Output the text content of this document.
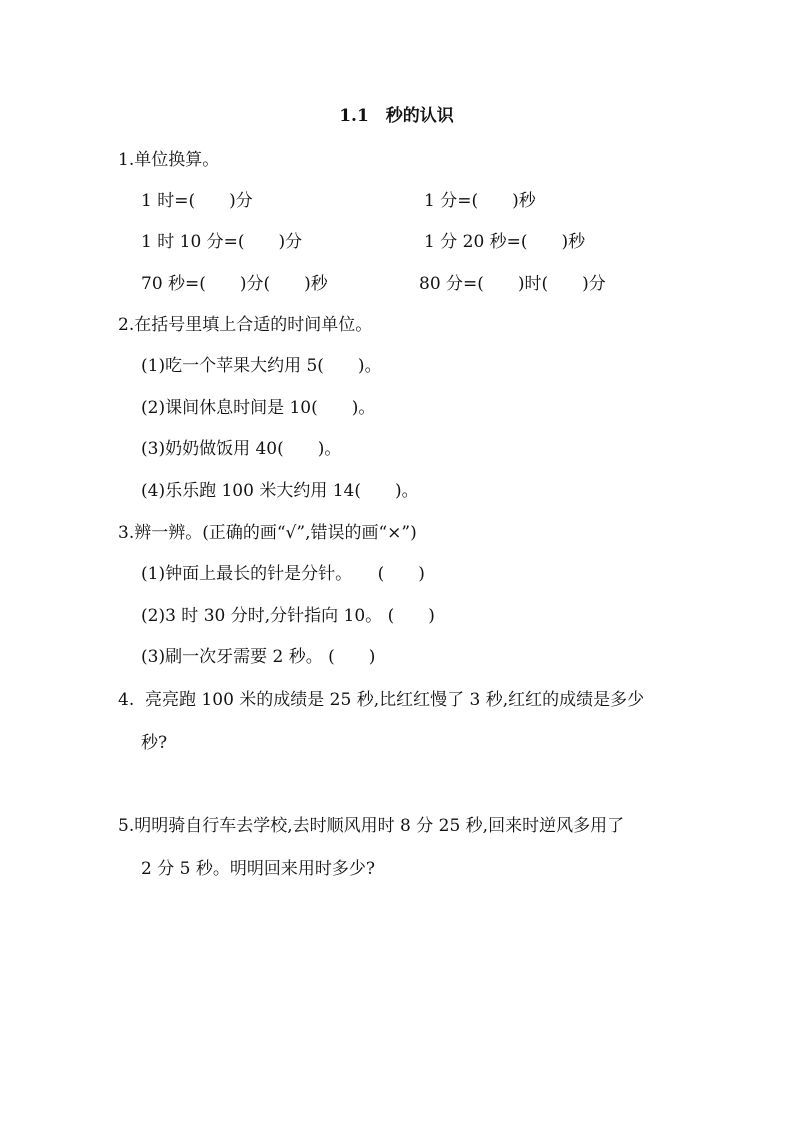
1.1　秒的认识
1.单位换算。
1 时=(　　)分	1 分=(　　)秒
1 时 10 分=(　　)分	1 分 20 秒=(　　)秒
70 秒=(　　)分(　　)秒	80 分=(　　)时(　　)分
2.在括号里填上合适的时间单位。
(1)吃一个苹果大约用 5(　　)。
(2)课间休息时间是 10(　　)。
(3)奶奶做饭用 40(　　)。
(4)乐乐跑 100 米大约用 14(　　)。
3.辨一辨。(正确的画“√”,错误的画“×”)
(1)钟面上最长的针是分针。　　(　　)
(2)3 时 30 分时,分针指向 10。 (　　)
(3)刷一次牙需要 2 秒。 (　　)
4.  亮亮跑 100 米的成绩是 25 秒,比红红慢了 3 秒,红红的成绩是多少
秒?
5.明明骑自行车去学校,去时顺风用时 8 分 25 秒,回来时逆风多用了
2 分 5 秒。明明回来用时多少?
